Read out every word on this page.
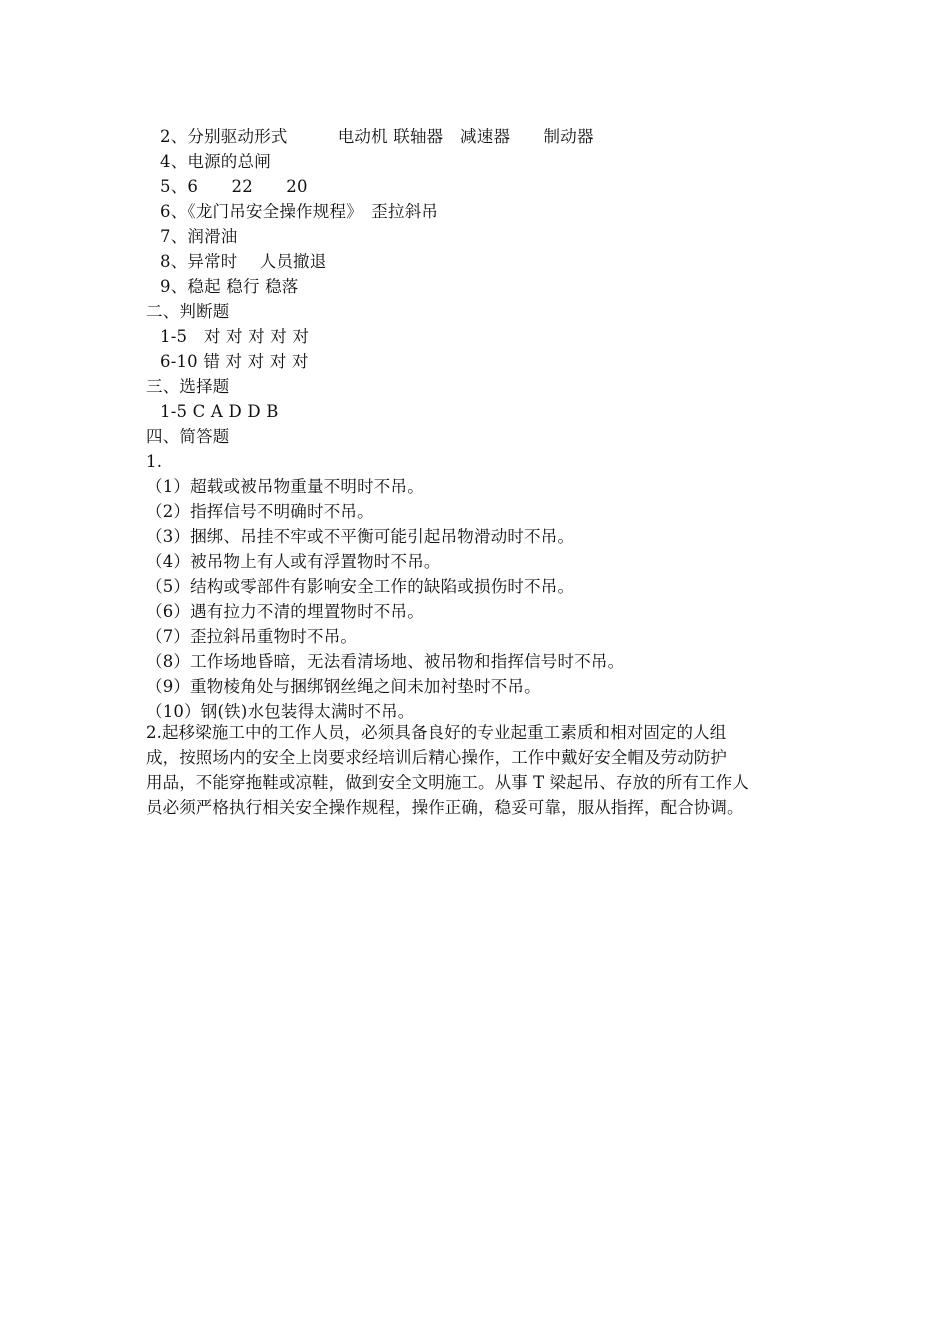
2、分别驱动形式　　　电动机 联轴器　减速器　　制动器
4、电源的总闸
5、6　　22　　20
6、《龙门吊安全操作规程》　歪拉斜吊
7、润滑油
8、异常时　 人员撤退
9、稳起 稳行 稳落
二、判断题
1-5　对 对 对 对 对
6-10 错 对 对 对 对
三、选择题
1-5 C A D D B
四、简答题
1.
（1）超载或被吊物重量不明时不吊。
（2）指挥信号不明确时不吊。
（3）捆绑、吊挂不牢或不平衡可能引起吊物滑动时不吊。
（4）被吊物上有人或有浮置物时不吊。
（5）结构或零部件有影响安全工作的缺陷或损伤时不吊。
（6）遇有拉力不清的埋置物时不吊。
（7）歪拉斜吊重物时不吊。
（8）工作场地昏暗，无法看清场地、被吊物和指挥信号时不吊。
（9）重物棱角处与捆绑钢丝绳之间未加衬垫时不吊。
（10）钢(铁)水包装得太满时不吊。
2.起移梁施工中的工作人员，必须具备良好的专业起重工素质和相对固定的人组
成，按照场内的安全上岗要求经培训后精心操作，工作中戴好安全帽及劳动防护
用品，不能穿拖鞋或凉鞋，做到安全文明施工。从事 T 梁起吊、存放的所有工作人
员必须严格执行相关安全操作规程，操作正确，稳妥可靠，服从指挥，配合协调。
